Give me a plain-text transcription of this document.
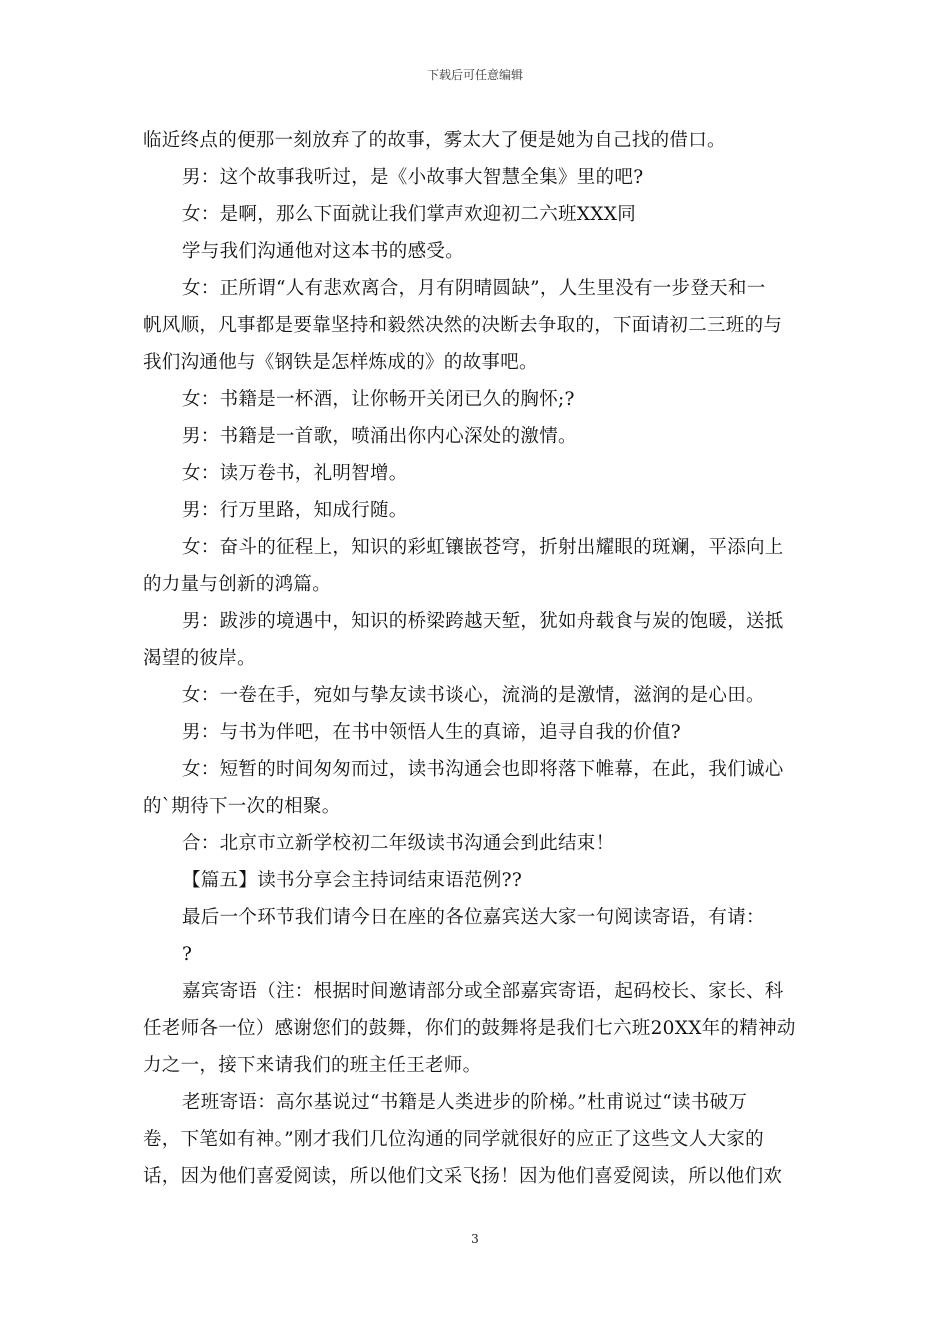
下载后可任意编辑
临近终点的便那一刻放弃了的故事，雾太大了便是她为自己找的借口。
男：这个故事我听过，是《小故事大智慧全集》里的吧?
女：是啊，那么下面就让我们掌声欢迎初二六班XXX同
学与我们沟通他对这本书的感受。
女：正所谓“人有悲欢离合，月有阴晴圆缺”，人生里没有一步登天和一
帆风顺，凡事都是要靠坚持和毅然决然的决断去争取的，下面请初二三班的与
我们沟通他与《钢铁是怎样炼成的》的故事吧。
女：书籍是一杯酒，让你畅开关闭已久的胸怀;?
男：书籍是一首歌，喷涌出你内心深处的激情。
女：读万卷书，礼明智增。
男：行万里路，知成行随。
女：奋斗的征程上，知识的彩虹镶嵌苍穹，折射出耀眼的斑斓，平添向上
的力量与创新的鸿篇。
男：跋涉的境遇中，知识的桥梁跨越天堑，犹如舟载食与炭的饱暖，送抵
渴望的彼岸。
女：一卷在手，宛如与挚友读书谈心，流淌的是激情，滋润的是心田。
男：与书为伴吧，在书中领悟人生的真谛，追寻自我的价值?
女：短暂的时间匆匆而过，读书沟通会也即将落下帷幕，在此，我们诚心
的`期待下一次的相聚。
合：北京市立新学校初二年级读书沟通会到此结束！
【篇五】读书分享会主持词结束语范例??
最后一个环节我们请今日在座的各位嘉宾送大家一句阅读寄语，有请：
?
嘉宾寄语（注：根据时间邀请部分或全部嘉宾寄语，起码校长、家长、科
任老师各一位）感谢您们的鼓舞，你们的鼓舞将是我们七六班20XX年的精神动
力之一，接下来请我们的班主任王老师。
老班寄语：高尔基说过“书籍是人类进步的阶梯。”杜甫说过“读书破万
卷，下笔如有神。”刚才我们几位沟通的同学就很好的应正了这些文人大家的
话，因为他们喜爱阅读，所以他们文采飞扬！因为他们喜爱阅读，所以他们欢
3
